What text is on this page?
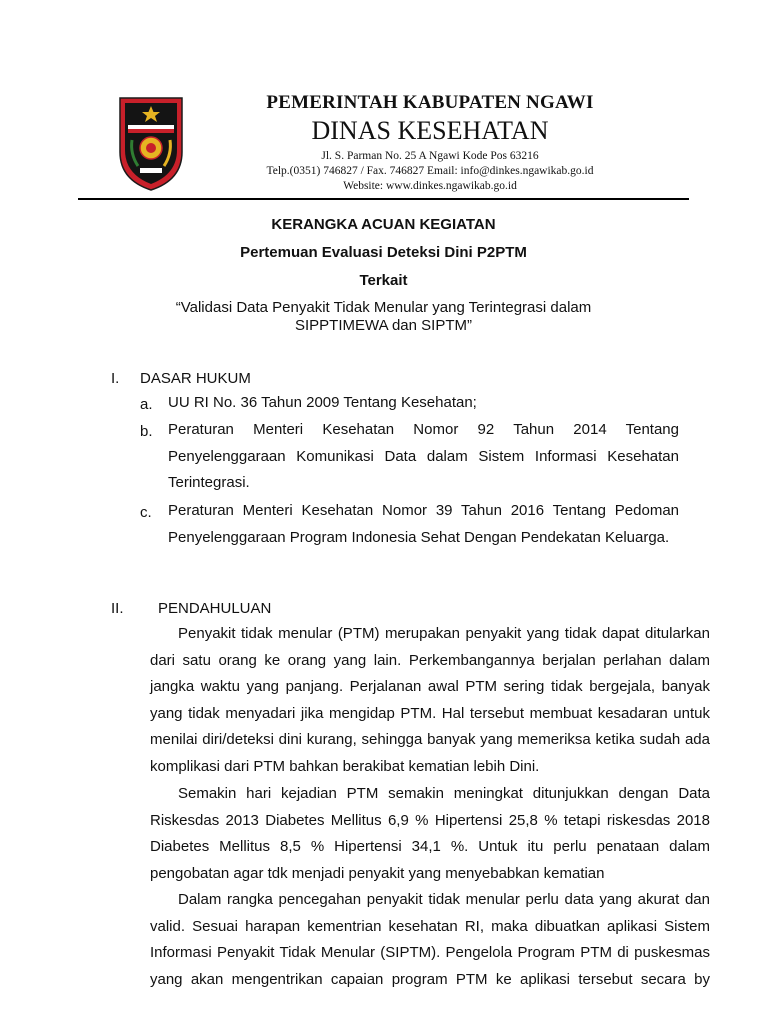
PEMERINTAH KABUPATEN NGAWI
DINAS KESEHATAN
Jl. S. Parman No. 25 A Ngawi Kode Pos 63216
Telp.(0351) 746827 / Fax. 746827 Email: info@dinkes.ngawikab.go.id
Website: www.dinkes.ngawikab.go.id
KERANGKA ACUAN KEGIATAN
Pertemuan Evaluasi Deteksi Dini P2PTM
Terkait
“Validasi Data Penyakit Tidak Menular yang Terintegrasi dalam
SIPPTIMEWA dan SIPTM”
I. DASAR HUKUM
a. UU RI No. 36 Tahun 2009 Tentang Kesehatan;
b. Peraturan Menteri Kesehatan Nomor 92 Tahun 2014 Tentang
Penyelenggaraan Komunikasi Data dalam Sistem Informasi Kesehatan
Terintegrasi.
c. Peraturan Menteri Kesehatan Nomor 39 Tahun 2016 Tentang Pedoman
Penyelenggaraan Program Indonesia Sehat Dengan Pendekatan Keluarga.
II. PENDAHULUAN
Penyakit tidak menular (PTM) merupakan penyakit yang tidak dapat ditularkan
dari satu orang ke orang yang lain. Perkembangannya berjalan perlahan dalam
jangka waktu yang panjang. Perjalanan awal PTM sering tidak bergejala, banyak
yang tidak menyadari jika mengidap PTM. Hal tersebut membuat kesadaran untuk
menilai diri/deteksi dini kurang, sehingga banyak yang memeriksa ketika sudah ada
komplikasi dari PTM bahkan berakibat kematian lebih Dini.
Semakin hari kejadian PTM semakin meningkat ditunjukkan dengan Data
Riskesdas 2013 Diabetes Mellitus 6,9 % Hipertensi 25,8 % tetapi riskesdas 2018
Diabetes Mellitus 8,5 % Hipertensi 34,1 %. Untuk itu perlu penataan dalam
pengobatan agar tdk menjadi penyakit yang menyebabkan kematian
Dalam rangka pencegahan penyakit tidak menular perlu data yang akurat dan
valid. Sesuai harapan kementrian kesehatan RI, maka dibuatkan aplikasi Sistem
Informasi Penyakit Tidak Menular (SIPTM). Pengelola Program PTM di puskesmas
yang akan mengentrikan capaian program PTM ke aplikasi tersebut secara by
